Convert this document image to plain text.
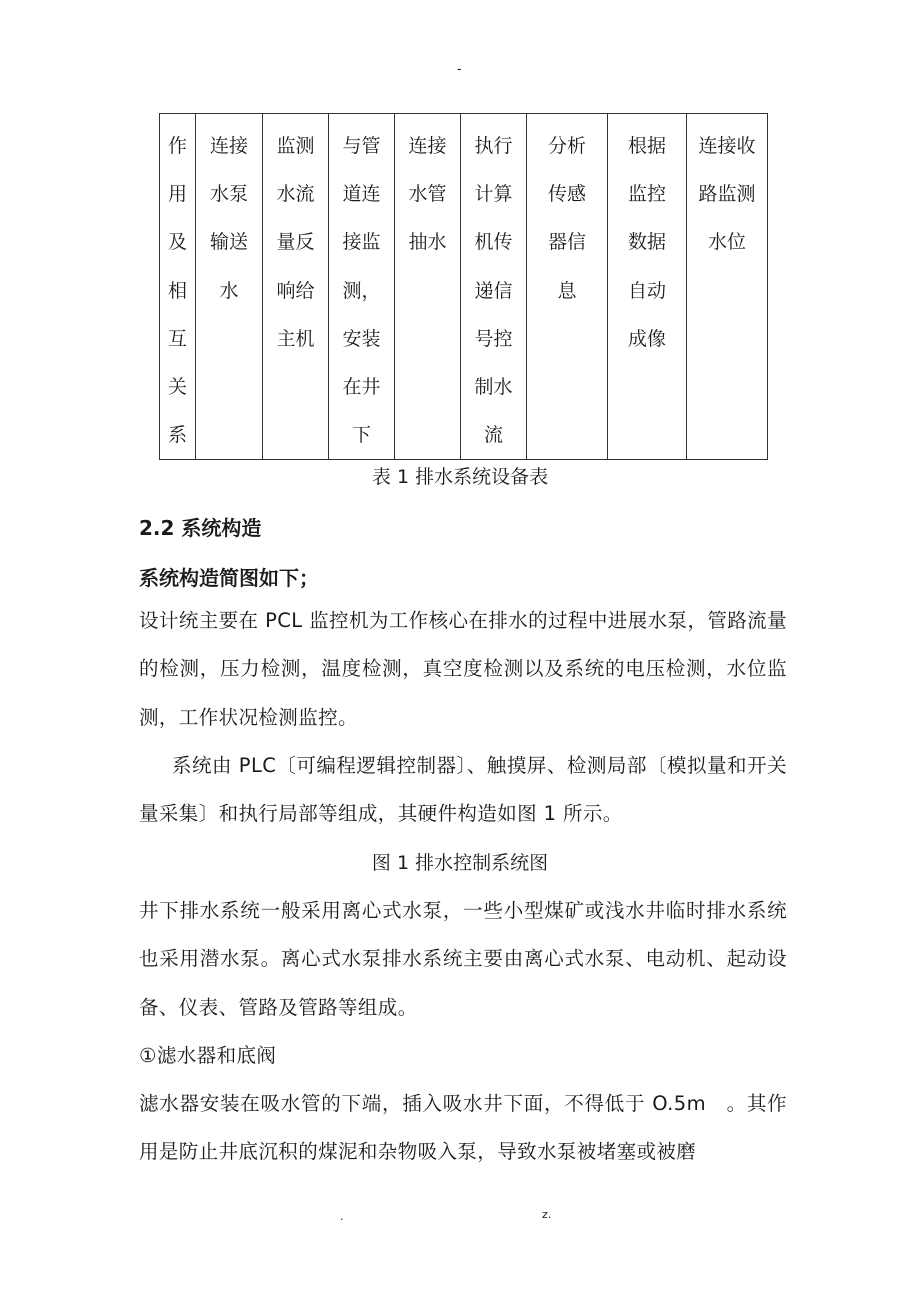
-
作用及相互关系	连接水泵输送水	监测水流量反响给主机	与管道连接监测，安装在井下	连接水管抽水	执行计算机传递信号控制水流	分析传感器信息	根据监控数据自动成像	连接收路监测水位
表 1 排水系统设备表
2.2 系统构造
系统构造简图如下；
设计统主要在 PCL 监控机为工作核心在排水的过程中进展水泵，管路流量的检测，压力检测，温度检测，真空度检测以及系统的电压检测，水位监测，工作状况检测监控。
系统由 PLC〔可编程逻辑控制器〕、触摸屏、检测局部〔模拟量和开关量采集〕和执行局部等组成，其硬件构造如图 1 所示。
图 1 排水控制系统图
井下排水系统一般采用离心式水泵，一些小型煤矿或浅水井临时排水系统也采用潜水泵。离心式水泵排水系统主要由离心式水泵、电动机、起动设备、仪表、管路及管路等组成。
①滤水器和底阀
滤水器安装在吸水管的下端，插入吸水井下面，不得低于 O.5m　。其作用是防止井底沉积的煤泥和杂物吸入泵，导致水泵被堵塞或被磨
.	z.
